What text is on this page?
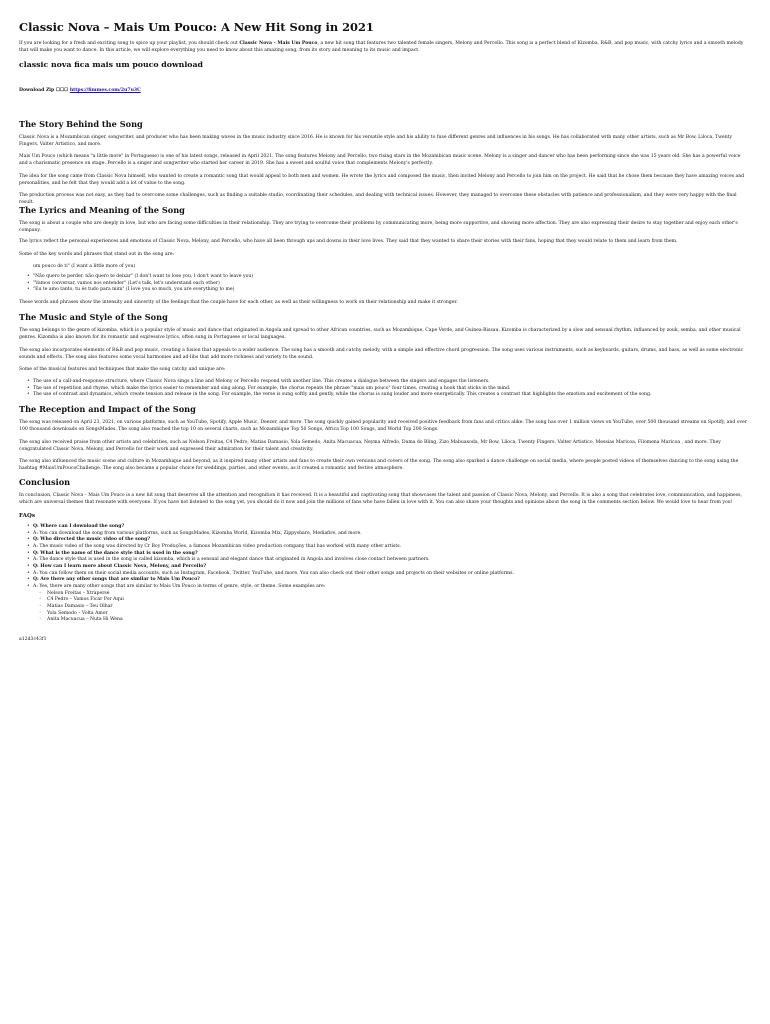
Classic Nova – Mais Um Pouco: A New Hit Song in 2021

If you are looking for a fresh and exciting song to spice up your playlist, you should check out Classic Nova – Mais Um Pouco, a new hit song that features two talented female singers, Melony and Percello. This song is a perfect blend of Kizomba, R&B, and pop music, with catchy lyrics and a smooth melody that will make you want to dance. In this article, we will explore everything you need to know about this amazing song, from its story and meaning to its music and impact.

classic nova fica mais um pouco download

Download Zip ☐☐☐ https://fimmes.com/2u7u3C

The Story Behind the Song

Classic Nova is a Mozambican singer, songwriter, and producer who has been making waves in the music industry since 2016. He is known for his versatile style and his ability to fuse different genres and influences in his songs. He has collaborated with many other artists, such as Mr Bow, Liloca, Twenty Fingers, Valter Artistico, and more.

Mais Um Pouco (which means "a little more" in Portuguese) is one of his latest songs, released in April 2021. The song features Melony and Percello, two rising stars in the Mozambican music scene. Melony is a singer and dancer who has been performing since she was 15 years old. She has a powerful voice and a charismatic presence on stage. Percello is a singer and songwriter who started her career in 2019. She has a sweet and soulful voice that complements Melony's perfectly.

The idea for the song came from Classic Nova himself, who wanted to create a romantic song that would appeal to both men and women. He wrote the lyrics and composed the music, then invited Melony and Percello to join him on the project. He said that he chose them because they have amazing voices and personalities, and he felt that they would add a lot of value to the song.

The production process was not easy, as they had to overcome some challenges, such as finding a suitable studio, coordinating their schedules, and dealing with technical issues. However, they managed to overcome these obstacles with patience and professionalism, and they were very happy with the final result.

The Lyrics and Meaning of the Song

The song is about a couple who are deeply in love, but who are facing some difficulties in their relationship. They are trying to overcome their problems by communicating more, being more supportive, and showing more affection. They are also expressing their desire to stay together and enjoy each other's company.

The lyrics reflect the personal experiences and emotions of Classic Nova, Melony, and Percello, who have all been through ups and downs in their love lives. They said that they wanted to share their stories with their fans, hoping that they would relate to them and learn from them.

Some of the key words and phrases that stand out in the song are:

um pouco de ti" (I want a little more of you)

• "Não quero te perder, não quero te deixar" (I don't want to lose you, I don't want to leave you)
• "Vamos conversar, vamos nos entender" (Let's talk, let's understand each other)
• "Eu te amo tanto, tu és tudo para mim" (I love you so much, you are everything to me)

These words and phrases show the intensity and sincerity of the feelings that the couple have for each other, as well as their willingness to work on their relationship and make it stronger.

The Music and Style of the Song

The song belongs to the genre of kizomba, which is a popular style of music and dance that originated in Angola and spread to other African countries, such as Mozambique, Cape Verde, and Guinea-Bissau. Kizomba is characterized by a slow and sensual rhythm, influenced by zouk, semba, and other musical genres. Kizomba is also known for its romantic and expressive lyrics, often sung in Portuguese or local languages.

The song also incorporates elements of R&B and pop music, creating a fusion that appeals to a wider audience. The song has a smooth and catchy melody, with a simple and effective chord progression. The song uses various instruments, such as keyboards, guitars, drums, and bass, as well as some electronic sounds and effects. The song also features some vocal harmonies and ad-libs that add more richness and variety to the sound.

Some of the musical features and techniques that make the song catchy and unique are:

• The use of a call-and-response structure, where Classic Nova sings a line and Melony or Percello respond with another line. This creates a dialogue between the singers and engages the listeners.
• The use of repetition and rhyme, which make the lyrics easier to remember and sing along. For example, the chorus repeats the phrase "mais um pouco" four times, creating a hook that sticks in the mind.
• The use of contrast and dynamics, which create tension and release in the song. For example, the verse is sung softly and gently, while the chorus is sung louder and more energetically. This creates a contrast that highlights the emotion and excitement of the song.
The Reception and Impact of the Song

The song was released on April 23, 2021, on various platforms, such as YouTube, Spotify, Apple Music, Deezer, and more. The song quickly gained popularity and received positive feedback from fans and critics alike. The song has over 1 million views on YouTube, over 500 thousand streams on Spotify, and over 100 thousand downloads on SongsMades. The song also reached the top 10 on several charts, such as Mozambique Top 50 Songs, Africa Top 100 Songs, and World Top 200 Songs.

The song also received praise from other artists and celebrities, such as Nelson Freitas, C4 Pedro, Matias Damasio, Yola Semedo, Anita Macuacua, Neyma Alfredo, Dama do Bling, Zizo Mabuaxoda, Mr Bow, Liloca, Twenty Fingers, Valter Artistico, Messias Maricoa, Filomena Maricoa , and more. They congratulated Classic Nova, Melony, and Percello for their work and expressed their admiration for their talent and creativity.

The song also influenced the music scene and culture in Mozambique and beyond, as it inspired many other artists and fans to create their own versions and covers of the song. The song also sparked a dance challenge on social media, where people posted videos of themselves dancing to the song using the hashtag #MaisUmPoucoChallenge. The song also became a popular choice for weddings, parties, and other events, as it created a romantic and festive atmosphere.

Conclusion

In conclusion, Classic Nova – Mais Um Pouco is a new hit song that deserves all the attention and recognition it has received. It is a beautiful and captivating song that showcases the talent and passion of Classic Nova, Melony, and Percello. It is also a song that celebrates love, communication, and happiness, which are universal themes that resonate with everyone. If you have not listened to the song yet, you should do it now and join the millions of fans who have fallen in love with it. You can also share your thoughts and opinions about the song in the comments section below. We would love to hear from you!

FAQs
• Q: Where can I download the song?
• A: You can download the song from various platforms, such as SongsMades, Kizomba World, Kizomba Mix, Zippyshare, Mediafire, and more.
• Q: Who directed the music video of the song?
• A: The music video of the song was directed by Cr Boy Produções, a famous Mozambican video production company that has worked with many other artists.
• Q: What is the name of the dance style that is used in the song?
• A: The dance style that is used in the song is called kizomba, which is a sensual and elegant dance that originated in Angola and involves close contact between partners.
• Q: How can I learn more about Classic Nova, Melony, and Percello?
• A: You can follow them on their social media accounts, such as Instagram, Facebook, Twitter, YouTube, and more. You can also check out their other songs and projects on their websites or online platforms.
• Q: Are there any other songs that are similar to Mais Um Pouco?
• A: Yes, there are many other songs that are similar to Mais Um Pouco in terms of genre, style, or theme. Some examples are:
◦ Nelson Freitas – Xtrapersé
◦ C4 Pedro – Vamos Ficar Por Aqui
◦ Matias Damasio – Teu Olhar
◦ Yola Semedo – Volta Amor
◦ Anita Macuacua – Nuta Hi Wena

a12d3c43f1
